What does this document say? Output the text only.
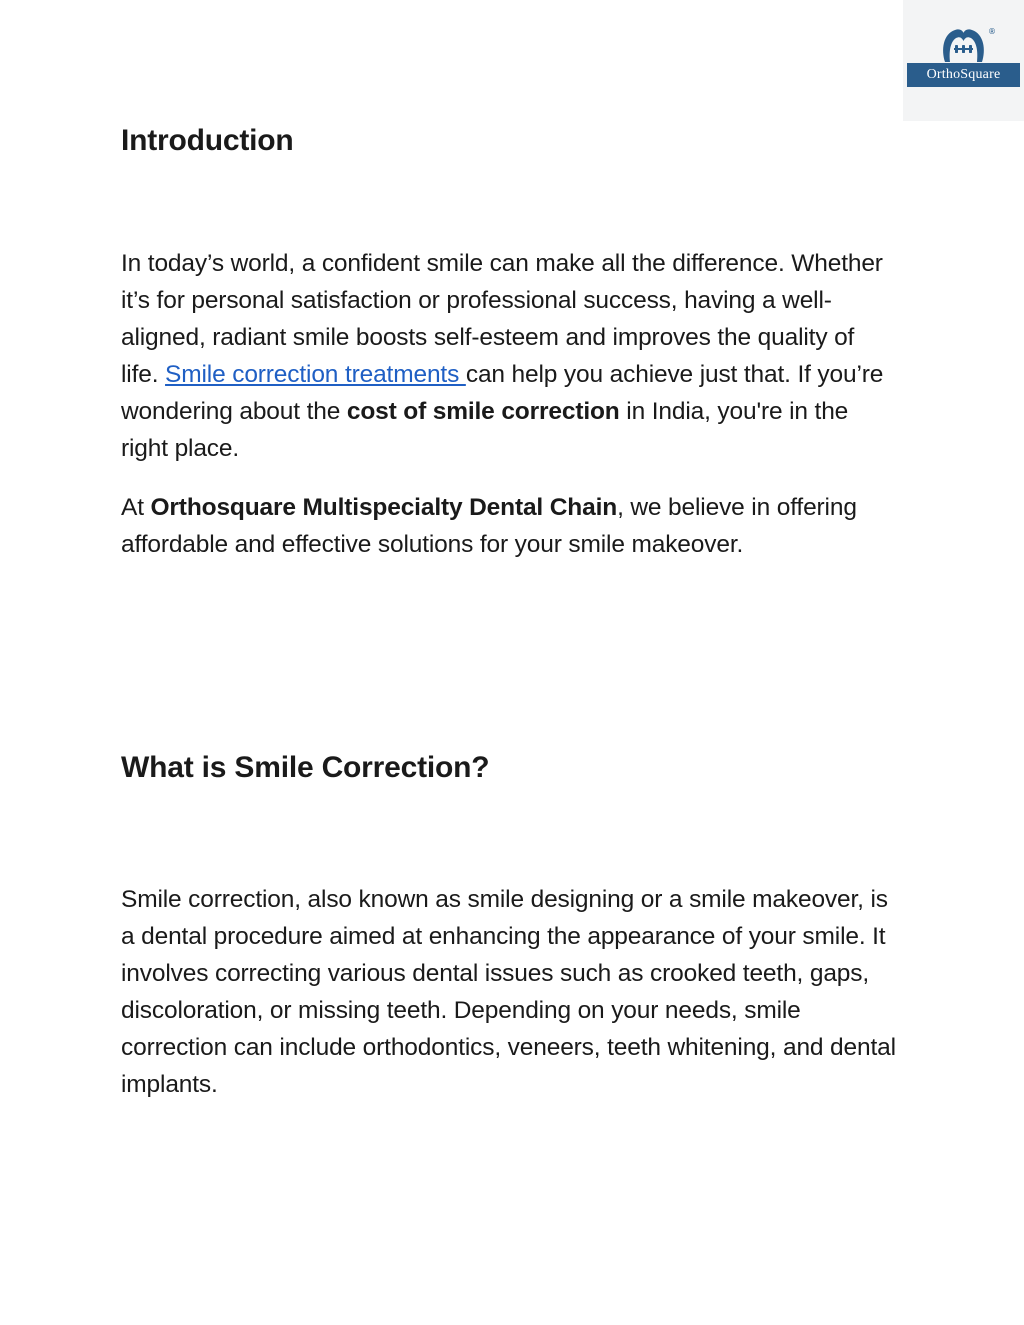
®
OrthoSquare
Introduction

In today’s world, a confident smile can make all the difference. Whether it’s for personal satisfaction or professional success, having a well-aligned, radiant smile boosts self-esteem and improves the quality of life. Smile correction treatments can help you achieve just that. If you’re wondering about the cost of smile correction in India, you're in the right place.

At Orthosquare Multispecialty Dental Chain, we believe in offering affordable and effective solutions for your smile makeover.

What is Smile Correction?

Smile correction, also known as smile designing or a smile makeover, is a dental procedure aimed at enhancing the appearance of your smile. It involves correcting various dental issues such as crooked teeth, gaps, discoloration, or missing teeth. Depending on your needs, smile correction can include orthodontics, veneers, teeth whitening, and dental implants.
